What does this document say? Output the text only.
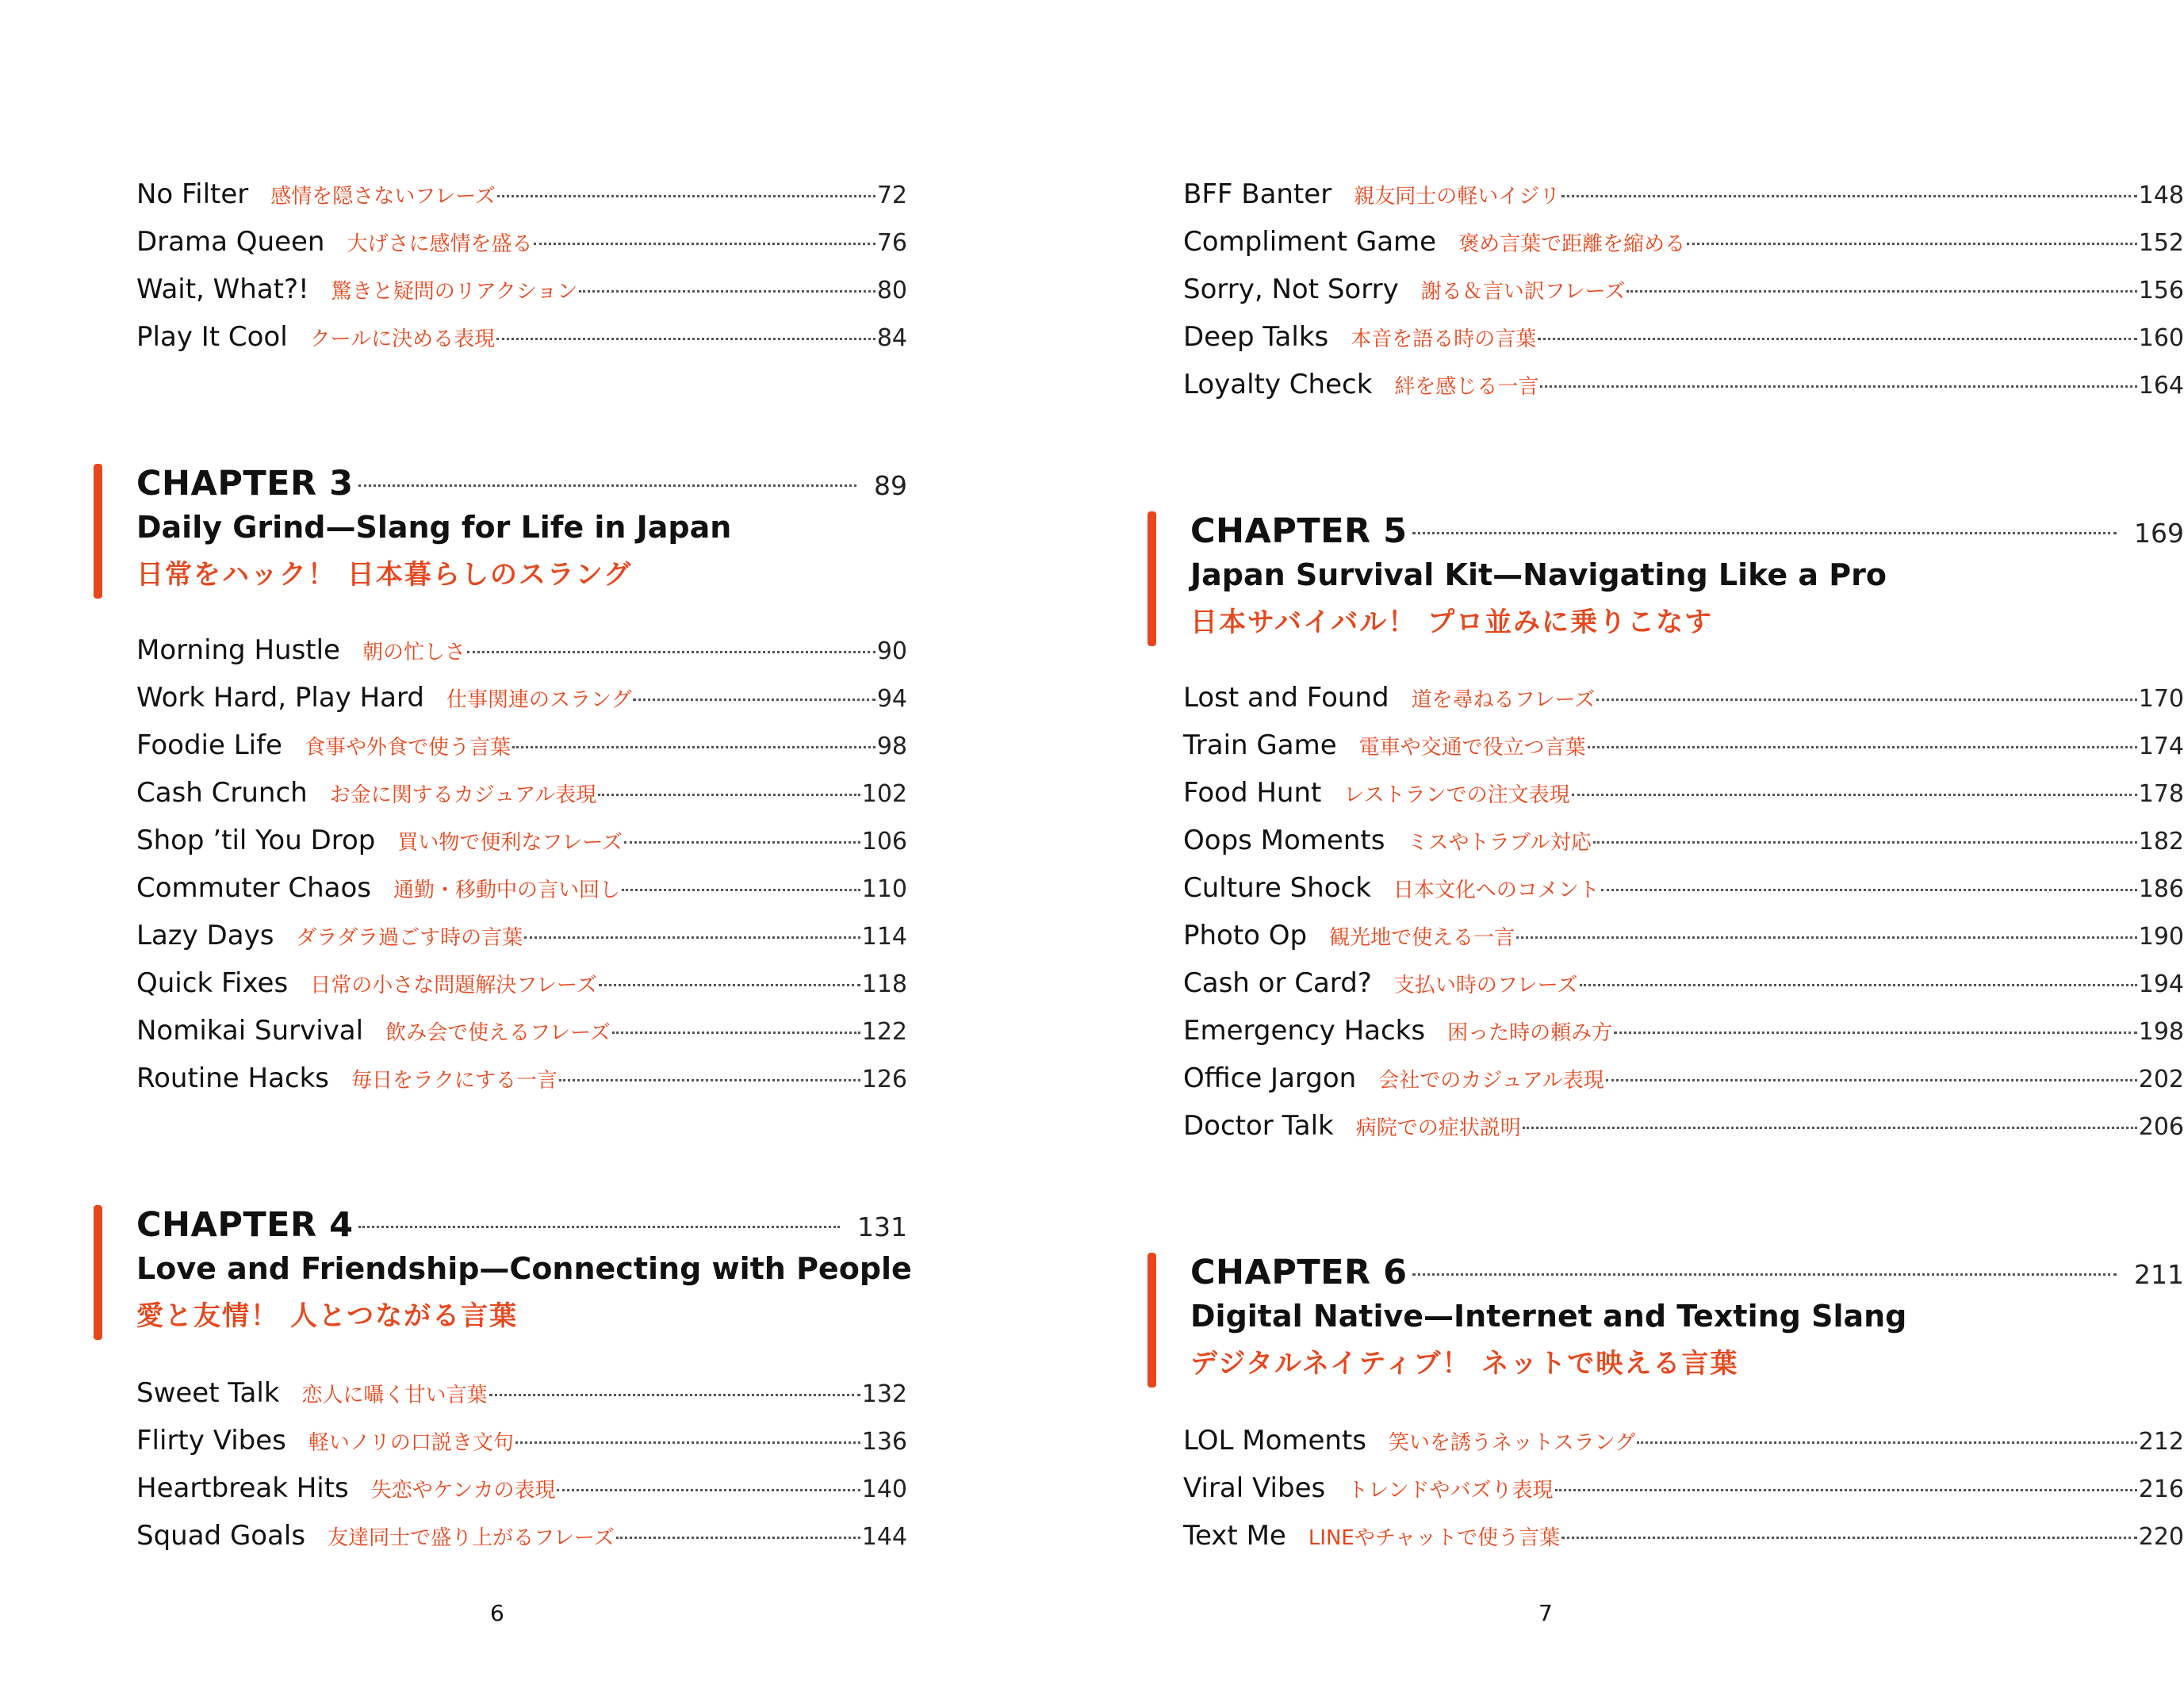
No Filter 感情を隠さないフレーズ	72
Drama Queen 大げさに感情を盛る	76
Wait, What?! 驚きと疑問のリアクション	80
Play It Cool クールに決める表現	84
CHAPTER 3	89
Daily Grind—Slang for Life in Japan
日常をハック！ 日本暮らしのスラング
Morning Hustle 朝の忙しさ	90
Work Hard, Play Hard 仕事関連のスラング	94
Foodie Life 食事や外食で使う言葉	98
Cash Crunch お金に関するカジュアル表現	102
Shop ’til You Drop 買い物で便利なフレーズ	106
Commuter Chaos 通勤・移動中の言い回し	110
Lazy Days ダラダラ過ごす時の言葉	114
Quick Fixes 日常の小さな問題解決フレーズ	118
Nomikai Survival 飲み会で使えるフレーズ	122
Routine Hacks 毎日をラクにする一言	126
CHAPTER 4	131
Love and Friendship—Connecting with People
愛と友情！ 人とつながる言葉
Sweet Talk 恋人に囁く甘い言葉	132
Flirty Vibes 軽いノリの口説き文句	136
Heartbreak Hits 失恋やケンカの表現	140
Squad Goals 友達同士で盛り上がるフレーズ	144
6
BFF Banter 親友同士の軽いイジリ	148
Compliment Game 褒め言葉で距離を縮める	152
Sorry, Not Sorry 謝る＆言い訳フレーズ	156
Deep Talks 本音を語る時の言葉	160
Loyalty Check 絆を感じる一言	164
CHAPTER 5	169
Japan Survival Kit—Navigating Like a Pro
日本サバイバル！ プロ並みに乗りこなす
Lost and Found 道を尋ねるフレーズ	170
Train Game 電車や交通で役立つ言葉	174
Food Hunt レストランでの注文表現	178
Oops Moments ミスやトラブル対応	182
Culture Shock 日本文化へのコメント	186
Photo Op 観光地で使える一言	190
Cash or Card? 支払い時のフレーズ	194
Emergency Hacks 困った時の頼み方	198
Office Jargon 会社でのカジュアル表現	202
Doctor Talk 病院での症状説明	206
CHAPTER 6	211
Digital Native—Internet and Texting Slang
デジタルネイティブ！ ネットで映える言葉
LOL Moments 笑いを誘うネットスラング	212
Viral Vibes トレンドやバズり表現	216
Text Me LINEやチャットで使う言葉	220
7
